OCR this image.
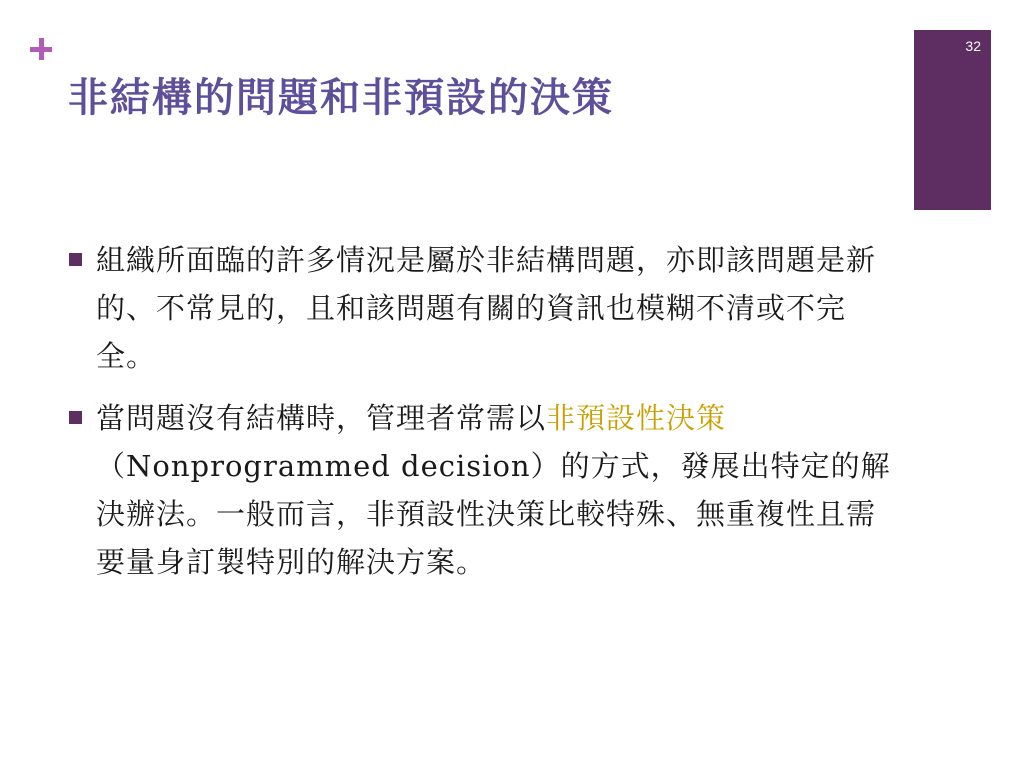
非結構的問題和非預設的決策
32
組織所面臨的許多情況是屬於非結構問題，亦即該問題是新的、不常見的，且和該問題有關的資訊也模糊不清或不完全。
當問題沒有結構時，管理者常需以非預設性決策（Nonprogrammed decision）的方式，發展出特定的解決辦法。一般而言，非預設性決策比較特殊、無重複性且需要量身訂製特別的解決方案。
